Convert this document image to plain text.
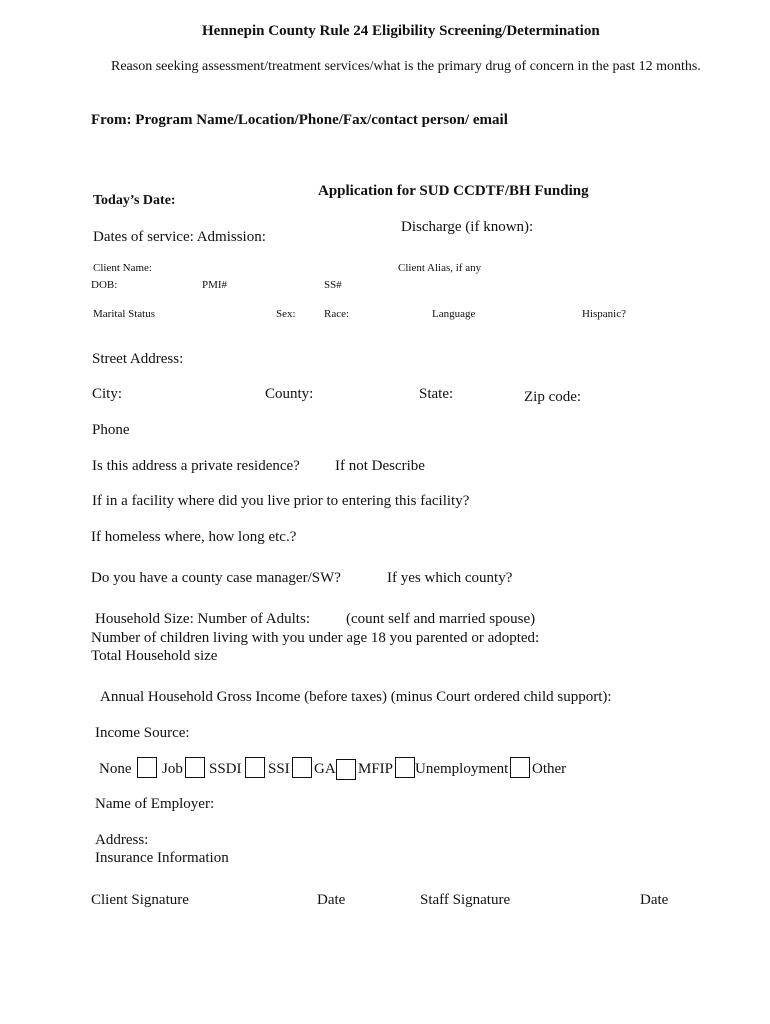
Hennepin County Rule 24 Eligibility Screening/Determination
Reason seeking assessment/treatment services/what is the primary drug of concern in the past 12 months.
From: Program Name/Location/Phone/Fax/contact person/ email
Application for SUD CCDTF/BH Funding
Today’s Date:
Discharge (if known):
Dates of service: Admission:
Client Name:	Client Alias, if any
DOB:	PMI#	SS#
Marital Status	Sex:	Race:	Language	Hispanic?
Street Address:
City:	County:	State:	Zip code:
Phone
Is this address a private residence? If not Describe
If in a facility where did you live prior to entering this facility?
If homeless where, how long etc.?
Do you have a county case manager/SW?	If yes which county?
Household Size: Number of Adults: (count self and married spouse)
Number of children living with you under age 18 you parented or adopted:
Total Household size
Annual Household Gross Income (before taxes) (minus Court ordered child support):
Income Source:
None Job SSDI SSI GA MFIP Unemployment Other
Name of Employer:
Address:
Insurance Information
Client Signature	Date	Staff Signature	Date
